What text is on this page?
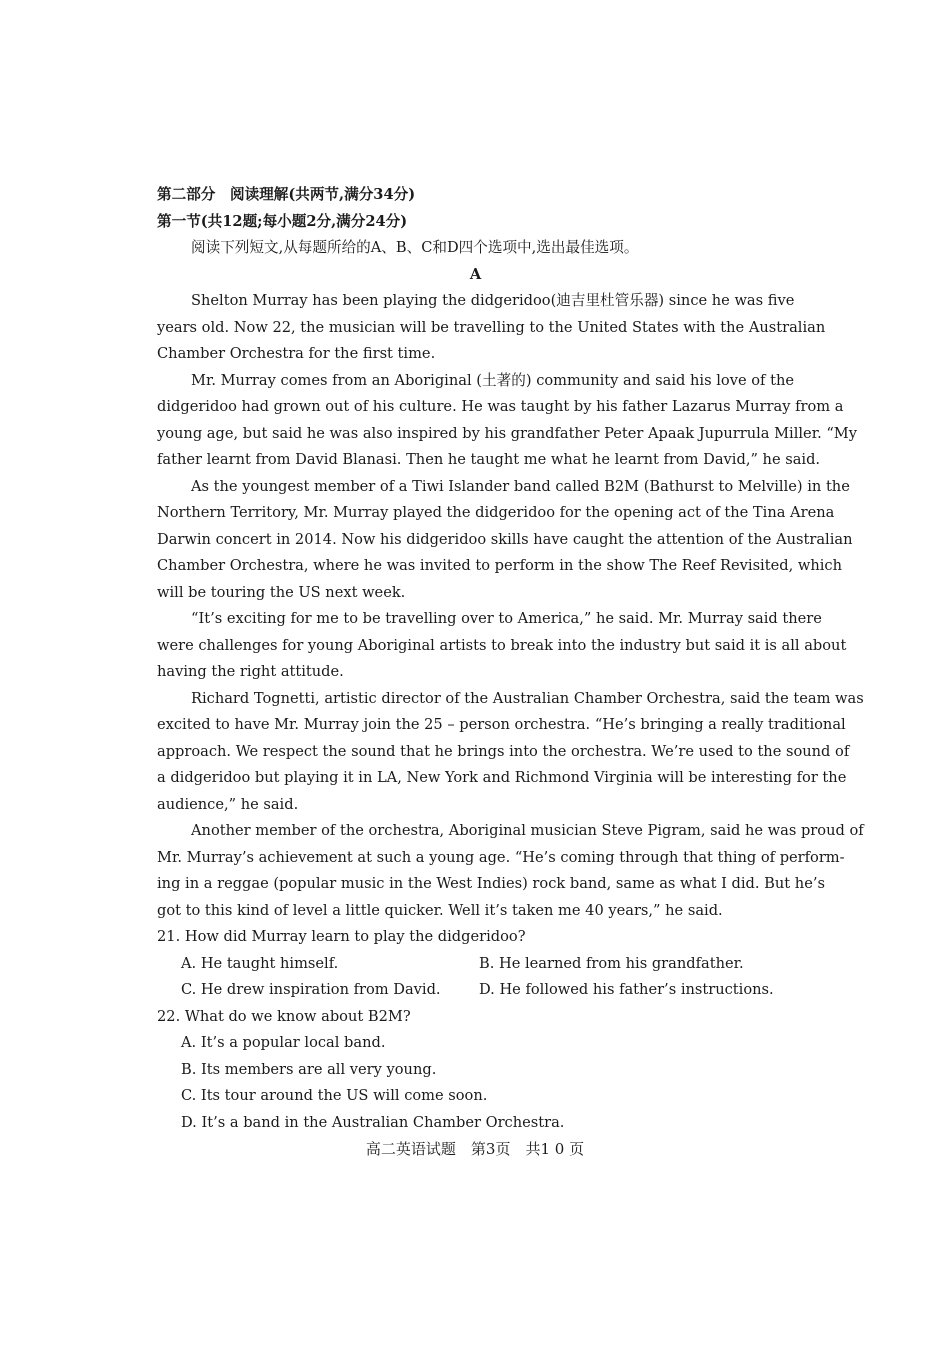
第二部分　阅读理解(共两节,满分34分)
第一节(共12题;每小题2分,满分24分)
阅读下列短文,从每题所给的A、B、C和D四个选项中,选出最佳选项。
A
Shelton Murray has been playing the didgeridoo(迪吉里杜管乐器) since he was five
years old. Now 22, the musician will be travelling to the United States with the Australian
Chamber Orchestra for the first time.
Mr. Murray comes from an Aboriginal (土著的) community and said his love of the
didgeridoo had grown out of his culture. He was taught by his father Lazarus Murray from a
young age, but said he was also inspired by his grandfather Peter Apaak Jupurrula Miller. “My
father learnt from David Blanasi. Then he taught me what he learnt from David,” he said.
As the youngest member of a Tiwi Islander band called B2M (Bathurst to Melville) in the
Northern Territory, Mr. Murray played the didgeridoo for the opening act of the Tina Arena
Darwin concert in 2014. Now his didgeridoo skills have caught the attention of the Australian
Chamber Orchestra, where he was invited to perform in the show The Reef Revisited, which
will be touring the US next week.
“It’s exciting for me to be travelling over to America,” he said. Mr. Murray said there
were challenges for young Aboriginal artists to break into the industry but said it is all about
having the right attitude.
Richard Tognetti, artistic director of the Australian Chamber Orchestra, said the team was
excited to have Mr. Murray join the 25 – person orchestra. “He’s bringing a really traditional
approach. We respect the sound that he brings into the orchestra. We’re used to the sound of
a didgeridoo but playing it in LA, New York and Richmond Virginia will be interesting for the
audience,” he said.
Another member of the orchestra, Aboriginal musician Steve Pigram, said he was proud of
Mr. Murray’s achievement at such a young age. “He’s coming through that thing of perform-
ing in a reggae (popular music in the West Indies) rock band, same as what I did. But he’s
got to this kind of level a little quicker. Well it’s taken me 40 years,” he said.
21. How did Murray learn to play the didgeridoo?
A. He taught himself.	B. He learned from his grandfather.
C. He drew inspiration from David.	D. He followed his father’s instructions.
22. What do we know about B2M?
A. It’s a popular local band.
B. Its members are all very young.
C. Its tour around the US will come soon.
D. It’s a band in the Australian Chamber Orchestra.
高二英语试题　第3页　共1 0 页
